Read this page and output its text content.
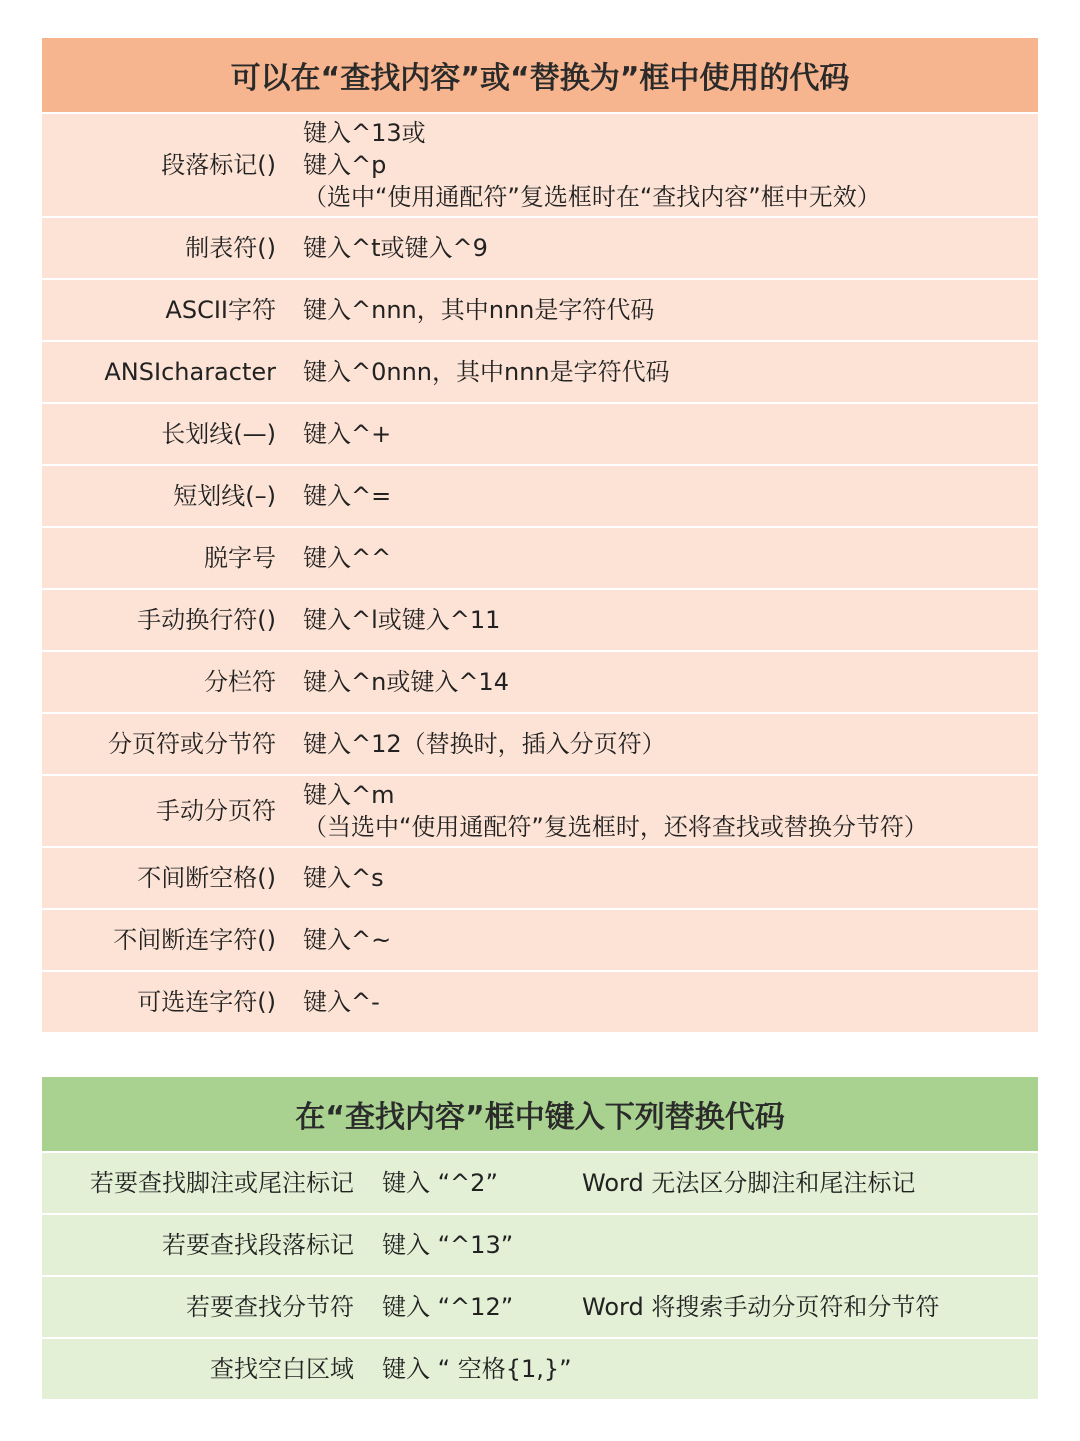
可以在“查找内容”或“替换为”框中使用的代码
段落标记()
键入^13或
键入^p
（选中“使用通配符”复选框时在“查找内容”框中无效）
制表符() 键入^t或键入^9
ASCII字符 键入^nnn，其中nnn是字符代码
ANSIcharacter 键入^0nnn，其中nnn是字符代码
长划线(—) 键入^+
短划线(–) 键入^=
脱字号 键入^^
手动换行符() 键入^l或键入^11
分栏符 键入^n或键入^14
分页符或分节符 键入^12（替换时，插入分页符）
手动分页符
键入^m
（当选中“使用通配符”复选框时，还将查找或替换分节符）
不间断空格() 键入^s
不间断连字符() 键入^~
可选连字符() 键入^-
在“查找内容”框中键入下列替换代码
若要查找脚注或尾注标记 键入 “^2”	Word 无法区分脚注和尾注标记
若要查找段落标记 键入 “^13”
若要查找分节符 键入 “^12”	Word 将搜索手动分页符和分节符
查找空白区域 键入 “ 空格{1,}”
